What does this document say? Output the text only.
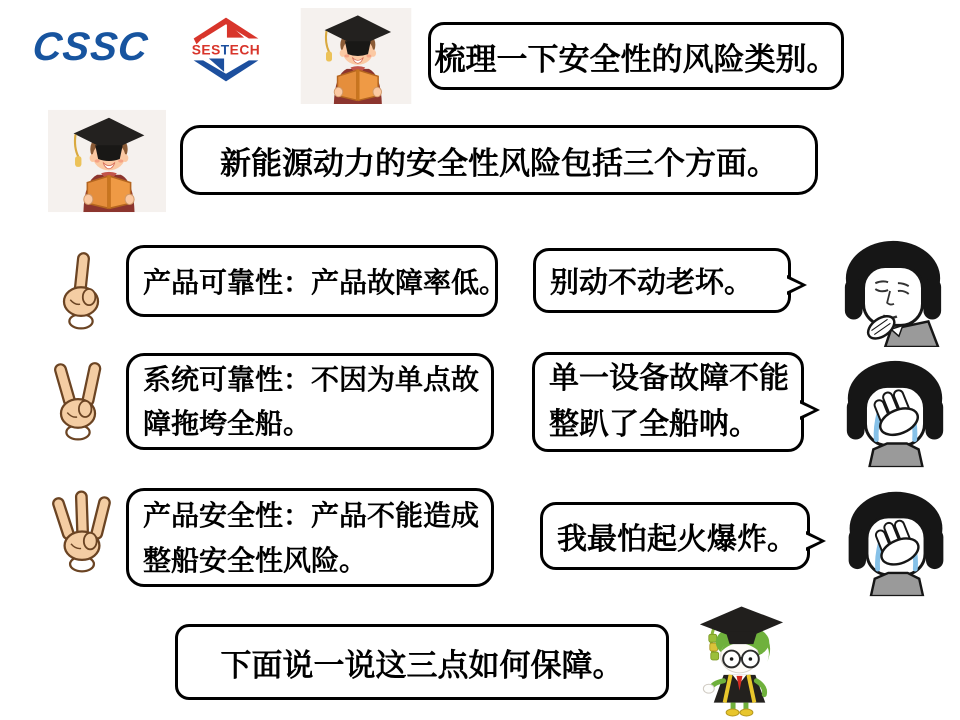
CSSC	SESTECH	梳理一下安全性的风险类别。
新能源动力的安全性风险包括三个方面。
产品可靠性：产品故障率低。 别动不动老坏。
系统可靠性：不因为单点故
障拖垮全船。
单一设备故障不能
整趴了全船呐。
产品安全性：产品不能造成
整船安全性风险。
我最怕起火爆炸。
下面说一说这三点如何保障。
